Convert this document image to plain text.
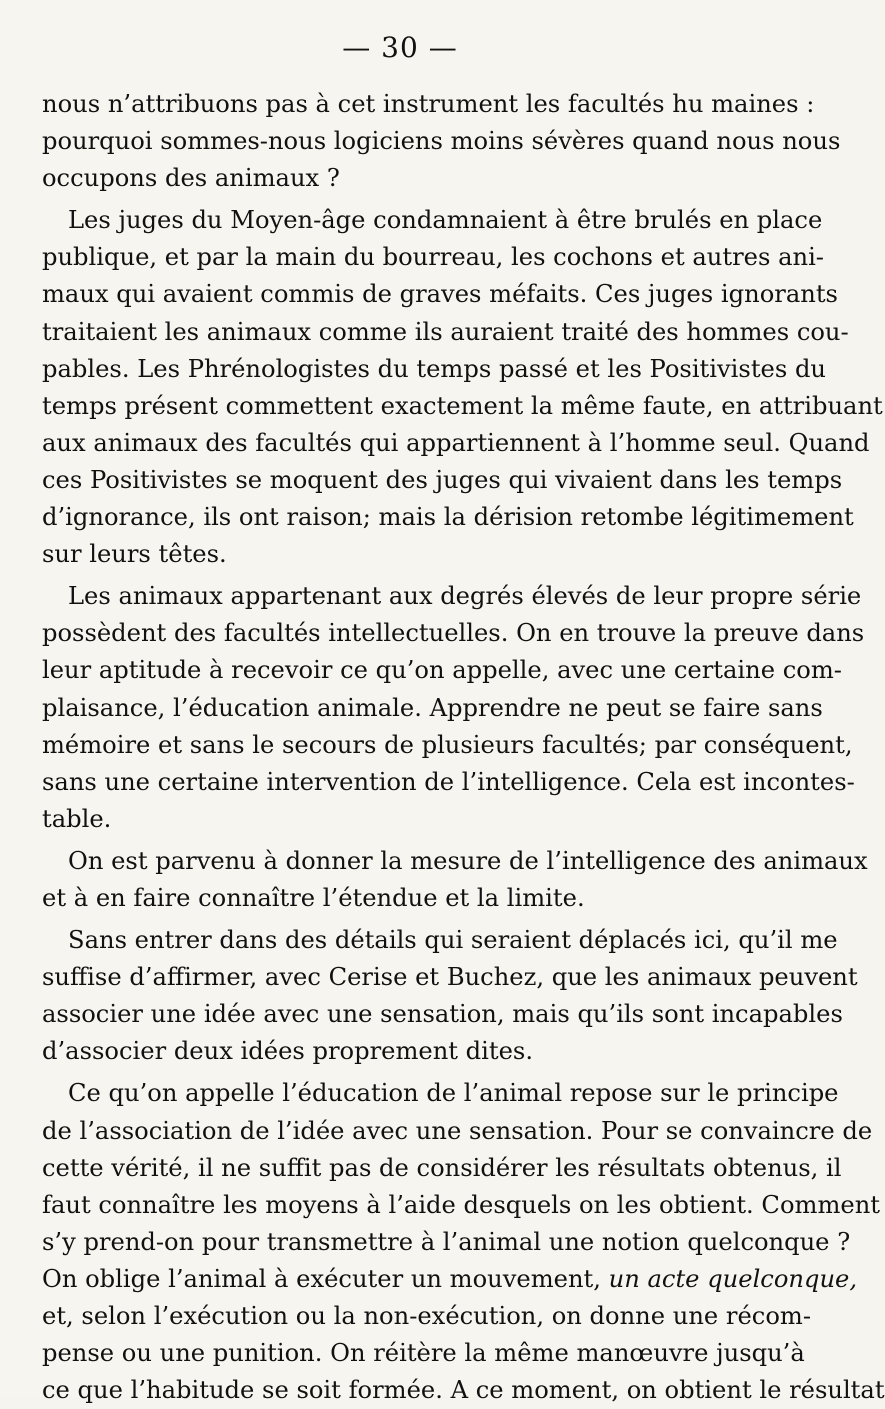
— 30 —
nous n’attribuons pas à cet instrument les facultés hu maines :
pourquoi sommes-nous logiciens moins sévères quand nous nous
occupons des animaux ?
Les juges du Moyen-âge condamnaient à être brulés en place
publique, et par la main du bourreau, les cochons et autres ani-
maux qui avaient commis de graves méfaits. Ces juges ignorants
traitaient les animaux comme ils auraient traité des hommes cou-
pables. Les Phrénologistes du temps passé et les Positivistes du
temps présent commettent exactement la même faute, en attribuant
aux animaux des facultés qui appartiennent à l’homme seul. Quand
ces Positivistes se moquent des juges qui vivaient dans les temps
d’ignorance, ils ont raison; mais la dérision retombe légitimement
sur leurs têtes.
Les animaux appartenant aux degrés élevés de leur propre série
possèdent des facultés intellectuelles. On en trouve la preuve dans
leur aptitude à recevoir ce qu’on appelle, avec une certaine com-
plaisance, l’éducation animale. Apprendre ne peut se faire sans
mémoire et sans le secours de plusieurs facultés; par conséquent,
sans une certaine intervention de l’intelligence. Cela est incontes-
table.
On est parvenu à donner la mesure de l’intelligence des animaux
et à en faire connaître l’étendue et la limite.
Sans entrer dans des détails qui seraient déplacés ici, qu’il me
suffise d’affirmer, avec Cerise et Buchez, que les animaux peuvent
associer une idée avec une sensation, mais qu’ils sont incapables
d’associer deux idées proprement dites.
Ce qu’on appelle l’éducation de l’animal repose sur le principe
de l’association de l’idée avec une sensation. Pour se convaincre de
cette vérité, il ne suffit pas de considérer les résultats obtenus, il
faut connaître les moyens à l’aide desquels on les obtient. Comment
s’y prend-on pour transmettre à l’animal une notion quelconque ?
On oblige l’animal à exécuter un mouvement, un acte quelconque,
et, selon l’exécution ou la non-exécution, on donne une récom-
pense ou une punition. On réitère la même manœuvre jusqu’à
ce que l’habitude se soit formée. A ce moment, on obtient le résultat
